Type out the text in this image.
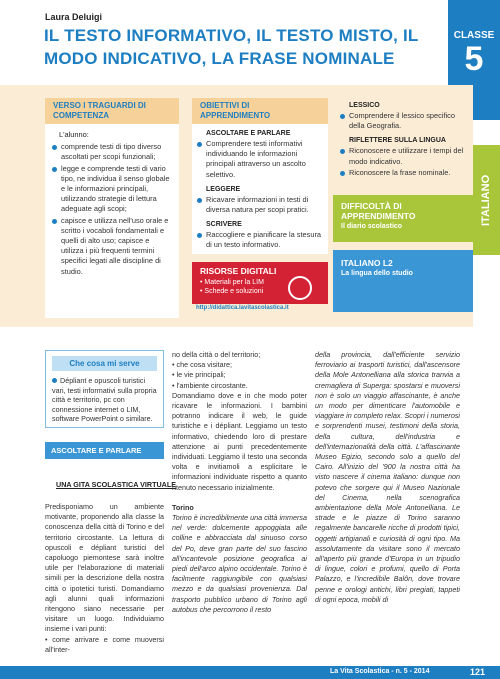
Laura Deluigi
IL TESTO INFORMATIVO, IL TESTO MISTO, IL MODO INDICATIVO, LA FRASE NOMINALE
CLASSE
5
ITALIANO
VERSO I TRAGUARDI DI COMPETENZA
L'alunno:
comprende testi di tipo diverso ascoltati per scopi funzionali;
legge e comprende testi di vario tipo, ne individua il senso globale e le informazioni principali, utilizzando strategie di lettura adeguate agli scopi;
capisce e utilizza nell'uso orale e scritto i vocaboli fondamentali e quelli di alto uso; capisce e utilizza i più frequenti termini specifici legati alle discipline di studio.
OBIETTIVI DI APPRENDIMENTO
ASCOLTARE E PARLARE
Comprendere testi informativi individuando le informazioni principali attraverso un ascolto selettivo.
LEGGERE
Ricavare informazioni in testi di diversa natura per scopi pratici.
SCRIVERE
Raccogliere e pianificare la stesura di un testo informativo.
LESSICO
Comprendere il lessico specifico della Geografia.
RIFLETTERE SULLA LINGUA
Riconoscere e utilizzare i tempi del modo indicativo.
Riconoscere la frase nominale.
RISORSE DIGITALI
• Materiali per la LIM
• Schede e soluzioni
http://didattica.lavitascolastica.it
DIFFICOLTÀ DI APPRENDIMENTO
Il diario scolastico
ITALIANO L2
La lingua dello studio
Che cosa mi serve
Dépliant e opuscoli turistici vari, testi informativi sulla propria città e territorio, pc con connessione internet o LIM, software PowerPoint o similare.
ASCOLTARE E PARLARE
UNA GITA SCOLASTICA VIRTUALE
Predisponiamo un ambiente motivante, proponendo alla classe la conoscenza della città di Torino e del territorio circostante. La lettura di opuscoli e dépliant turistici del capoluogo piemontese sarà inoltre utile per l'elaborazione di materiali simili per la descrizione della nostra città o ipotetici turisti. Domandiamo agli alunni quali informazioni ritengono siano necessarie per visitare un luogo. Individuiamo insieme i vari punti:
• come arrivare e come muoversi all'inter-
no della città o del territorio;
• che cosa visitare;
• le vie principali;
• l'ambiente circostante.
Domandiamo dove e in che modo poter ricavare le informazioni. I bambini potranno indicare il web, le guide turistiche e i dépliant. Leggiamo un testo informativo, chiedendo loro di prestare attenzione ai punti precedentemente individuati. Leggiamo il testo una seconda volta e invitiamoli a esplicitare le informazioni individuate rispetto a quanto ritenuto necessario inizialmente.
Torino
Torino è incredibilmente una città immersa nel verde: dolcemente appoggiata alle colline e abbracciata dal sinuoso corso del Po, deve gran parte del suo fascino all'incantevole posizione geografica ai piedi dell'arco alpino occidentale. Torino è facilmente raggiungibile con qualsiasi mezzo e da qualsiasi provenienza. Dal trasporto pubblico urbano di Torino agli autobus che percorrono il resto
della provincia, dall'efficiente servizio ferroviario ai trasporti turistici, dall'ascensore della Mole Antonelliana alla storica tranvia a cremagliera di Superga: spostarsi e muoversi non è solo un viaggio affascinante, è anche un modo per dimenticare l'automobile e viaggiare in completo relax. Scopri i numerosi e sorprendenti musei, testimoni della storia, della cultura, dell'industria e dell'internazionalità della città. L'affascinante Museo Egizio, secondo solo a quello del Cairo. All'inizio del '900 la nostra città ha visto nascere il cinema italiano: dunque non potevo che sorgere qui il Museo Nazionale del Cinema, nella scenografica ambientazione della Mole Antonelliana. Le strade e le piazze di Torino saranno regalmente bancarelle ricche di prodotti tipici, oggetti artigianali e curiosità di ogni tipo. Ma assolutamente da visitare sono il mercato all'aperto più grande d'Europa in un tripudio di lingue, colori e profumi, quello di Porta Palazzo, e l'incredibile Balôn, dove trovare penne e orologi antichi, libri pregiati, tappeti di ogni epoca, mobili di
La Vita Scolastica - n. 5 - 2014	121
